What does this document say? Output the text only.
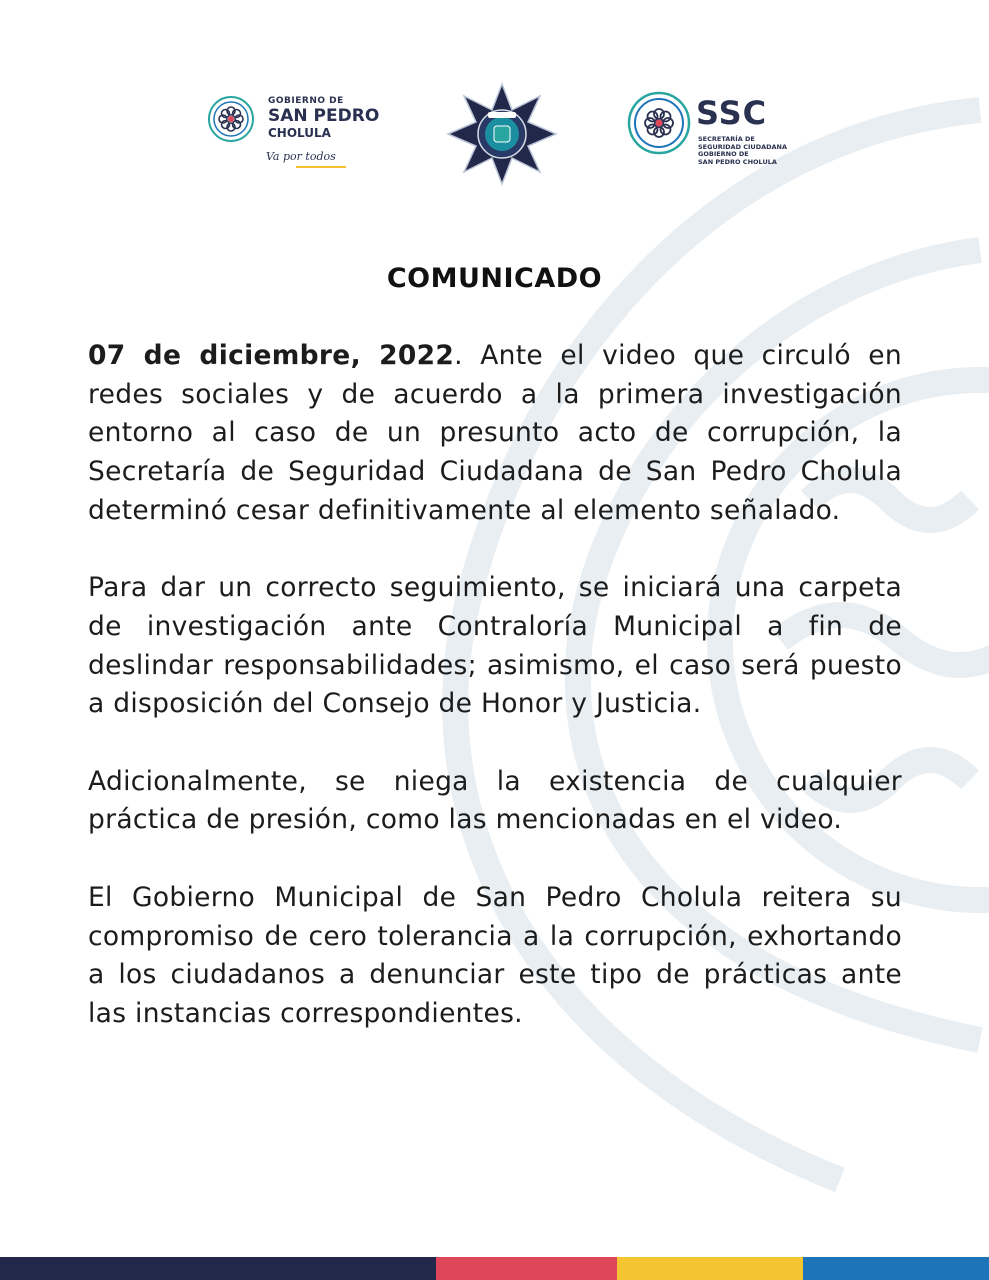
GOBIERNO DE
SAN PEDRO
CHOLULA
Va por todos
SSC
SECRETARÍA DE
SEGURIDAD CIUDADANA
GOBIERNO DE
SAN PEDRO CHOLULA
COMUNICADO

07 de diciembre, 2022. Ante el video que circuló en redes sociales y de acuerdo a la primera investigación entorno al caso de un presunto acto de corrupción, la Secretaría de Seguridad Ciudadana de San Pedro Cholula determinó cesar definitivamente al elemento señalado.

Para dar un correcto seguimiento, se iniciará una carpeta de investigación ante Contraloría Municipal a fin de deslindar responsabilidades; asimismo, el caso será puesto a disposición del Consejo de Honor y Justicia.

Adicionalmente, se niega la existencia de cualquier práctica de presión, como las mencionadas en el video.

El Gobierno Municipal de San Pedro Cholula reitera su compromiso de cero tolerancia a la corrupción, exhortando a los ciudadanos a denunciar este tipo de prácticas ante las instancias correspondientes.
